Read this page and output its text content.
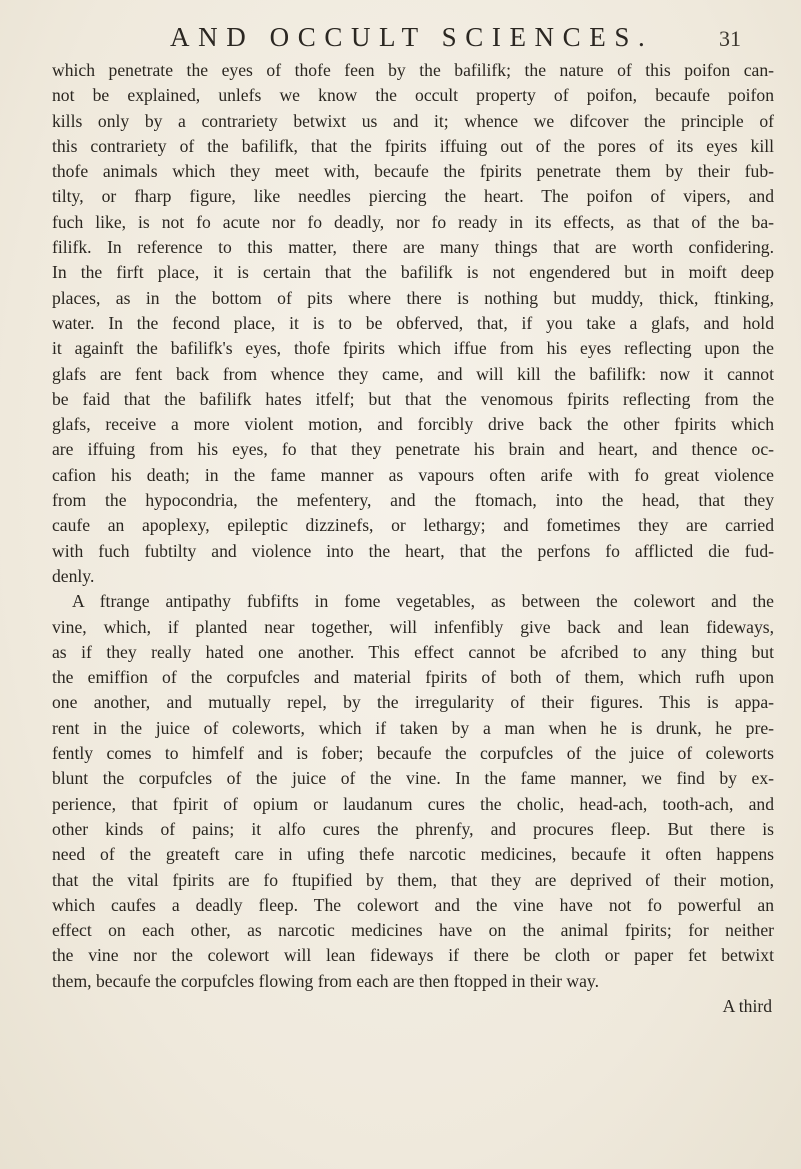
AND OCCULT SCIENCES.	31
which penetrate the eyes of thofe feen by the bafilifk; the nature of this poifon can-
not be explained, unlefs we know the occult property of poifon, becaufe poifon
kills only by a contrariety betwixt us and it; whence we difcover the principle of
this contrariety of the bafilifk, that the fpirits iffuing out of the pores of its eyes kill
thofe animals which they meet with, becaufe the fpirits penetrate them by their fub-
tilty, or fharp figure, like needles piercing the heart. The poifon of vipers, and
fuch like, is not fo acute nor fo deadly, nor fo ready in its effects, as that of the ba-
filifk. In reference to this matter, there are many things that are worth confidering.
In the firft place, it is certain that the bafilifk is not engendered but in moift deep
places, as in the bottom of pits where there is nothing but muddy, thick, ftinking,
water. In the fecond place, it is to be obferved, that, if you take a glafs, and hold
it againft the bafilifk's eyes, thofe fpirits which iffue from his eyes reflecting upon the
glafs are fent back from whence they came, and will kill the bafilifk: now it cannot
be faid that the bafilifk hates itfelf; but that the venomous fpirits reflecting from the
glafs, receive a more violent motion, and forcibly drive back the other fpirits which
are iffuing from his eyes, fo that they penetrate his brain and heart, and thence oc-
cafion his death; in the fame manner as vapours often arife with fo great violence
from the hypocondria, the mefentery, and the ftomach, into the head, that they
caufe an apoplexy, epileptic dizzinefs, or lethargy; and fometimes they are carried
with fuch fubtilty and violence into the heart, that the perfons fo afflicted die fud-
denly.
A ftrange antipathy fubfifts in fome vegetables, as between the colewort and the
vine, which, if planted near together, will infenfibly give back and lean fideways,
as if they really hated one another. This effect cannot be afcribed to any thing but
the emiffion of the corpufcles and material fpirits of both of them, which rufh upon
one another, and mutually repel, by the irregularity of their figures. This is appa-
rent in the juice of coleworts, which if taken by a man when he is drunk, he pre-
fently comes to himfelf and is fober; becaufe the corpufcles of the juice of coleworts
blunt the corpufcles of the juice of the vine. In the fame manner, we find by ex-
perience, that fpirit of opium or laudanum cures the cholic, head-ach, tooth-ach, and
other kinds of pains; it alfo cures the phrenfy, and procures fleep. But there is
need of the greateft care in ufing thefe narcotic medicines, becaufe it often happens
that the vital fpirits are fo ftupified by them, that they are deprived of their motion,
which caufes a deadly fleep. The colewort and the vine have not fo powerful an
effect on each other, as narcotic medicines have on the animal fpirits; for neither
the vine nor the colewort will lean fideways if there be cloth or paper fet betwixt
them, becaufe the corpufcles flowing from each are then ftopped in their way.
A third
